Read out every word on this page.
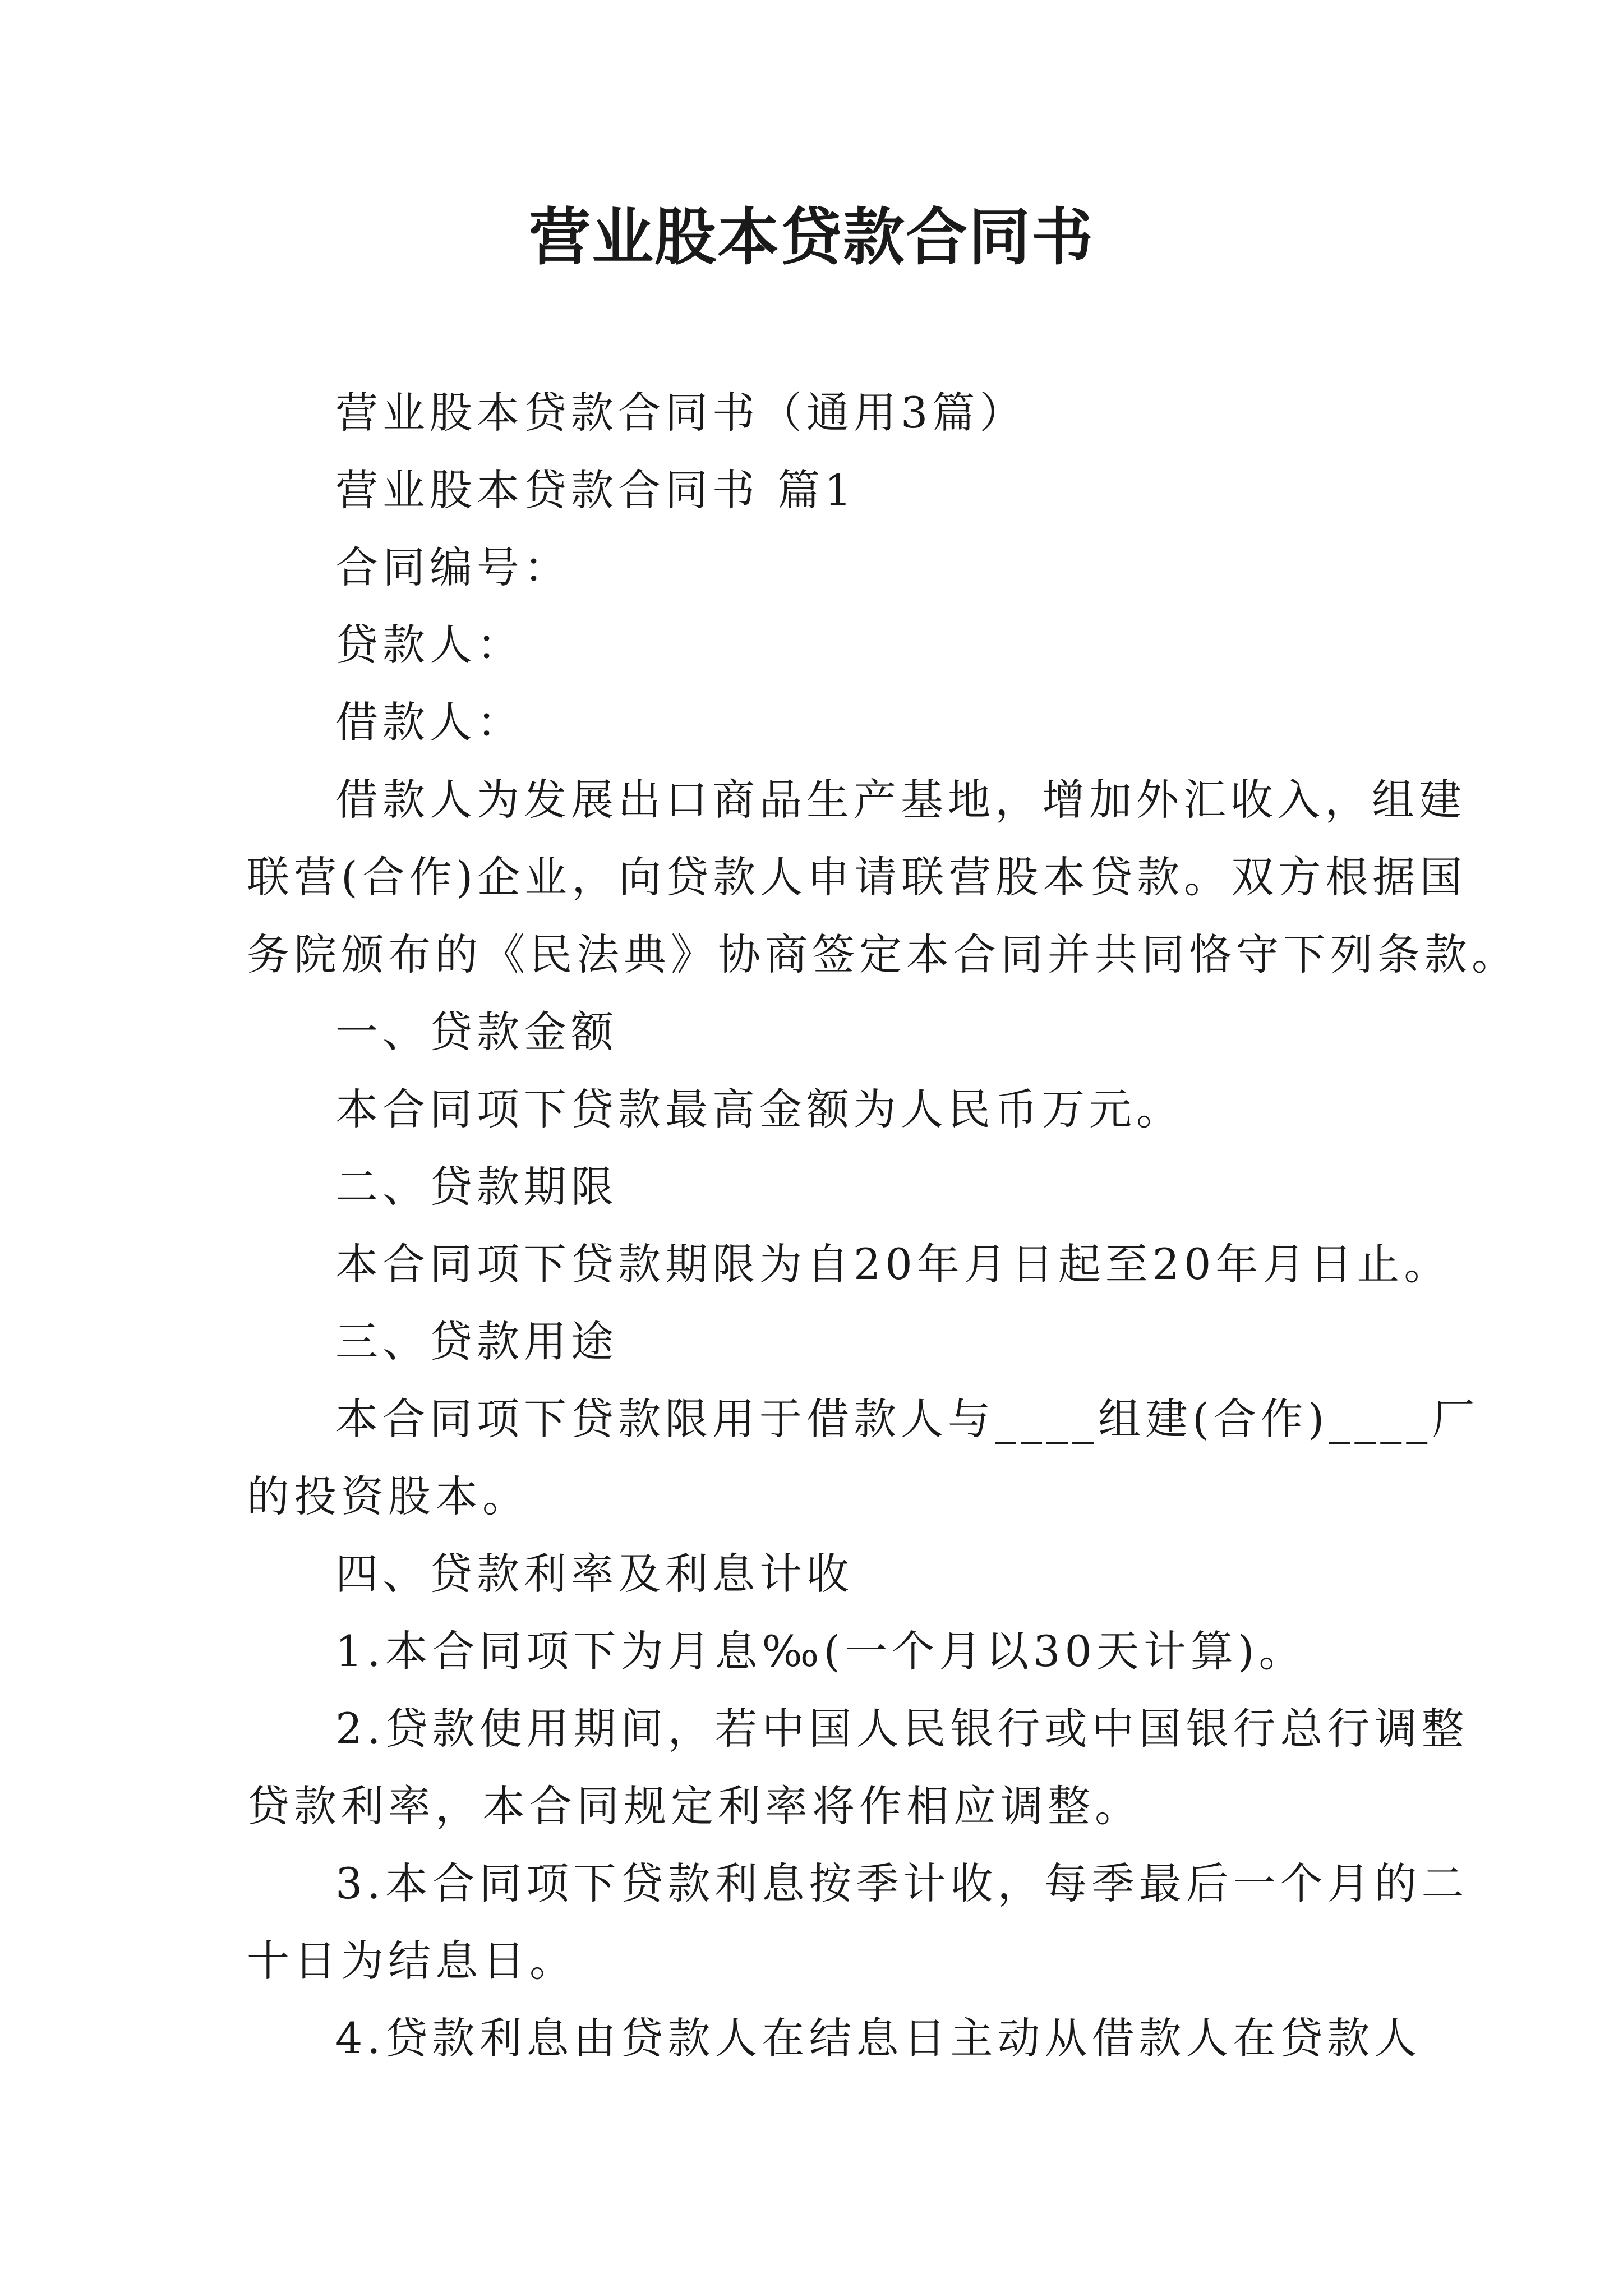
营业股本贷款合同书
营业股本贷款合同书（通用3篇）
营业股本贷款合同书 篇1
合同编号：
贷款人：
借款人：
借款人为发展出口商品生产基地，增加外汇收入，组建
联营(合作)企业，向贷款人申请联营股本贷款。双方根据国
务院颁布的《民法典》协商签定本合同并共同恪守下列条款。
一、贷款金额
本合同项下贷款最高金额为人民币万元。
二、贷款期限
本合同项下贷款期限为自20年月日起至20年月日止。
三、贷款用途
本合同项下贷款限用于借款人与____组建(合作)____厂
的投资股本。
四、贷款利率及利息计收
1.本合同项下为月息‰(一个月以30天计算)。
2.贷款使用期间，若中国人民银行或中国银行总行调整
贷款利率，本合同规定利率将作相应调整。
3.本合同项下贷款利息按季计收，每季最后一个月的二
十日为结息日。
4.贷款利息由贷款人在结息日主动从借款人在贷款人
